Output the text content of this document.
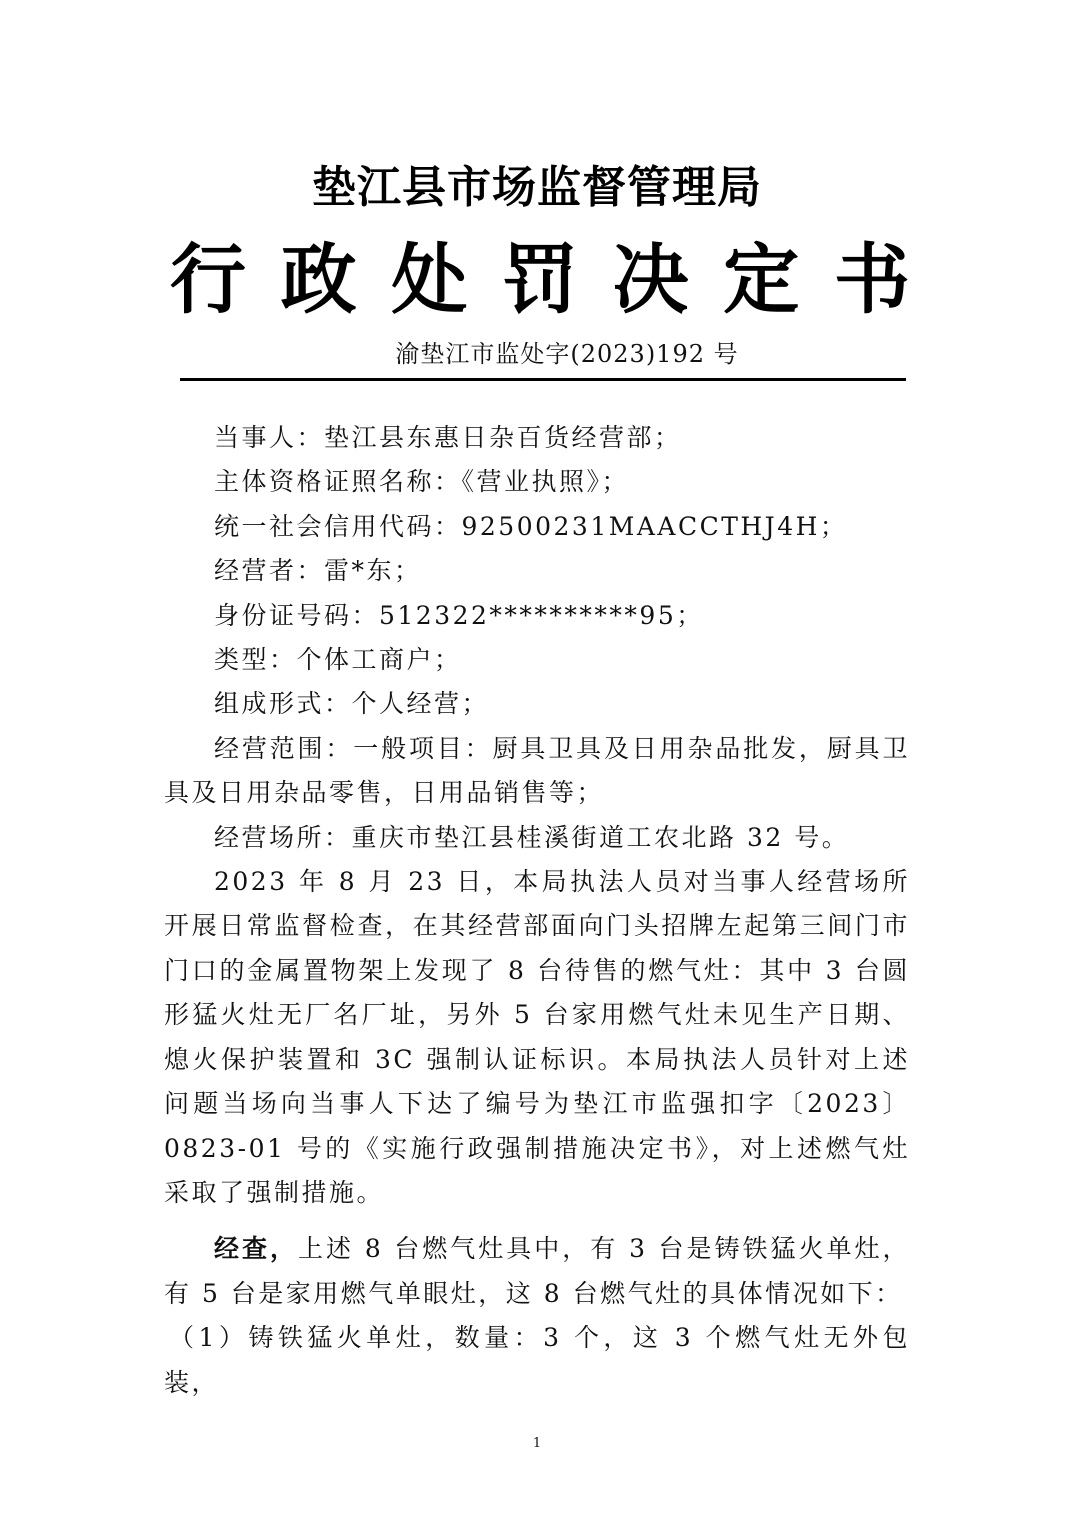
垫江县市场监督管理局
行 政 处 罚 决 定 书
渝垫江市监处字(2023)192 号

当事人：垫江县东惠日杂百货经营部；

主体资格证照名称：《营业执照》；

统一社会信用代码：92500231MAACCTHJ4H；

经营者：雷*东；

身份证号码：512322**********95；

类型：个体工商户；

组成形式：个人经营；

经营范围：一般项目：厨具卫具及日用杂品批发，厨具卫具及日用杂品零售，日用品销售等；

经营场所：重庆市垫江县桂溪街道工农北路 32 号。

2023 年 8 月 23 日，本局执法人员对当事人经营场所开展日常监督检查，在其经营部面向门头招牌左起第三间门市门口的金属置物架上发现了 8 台待售的燃气灶：其中 3 台圆形猛火灶无厂名厂址，另外 5 台家用燃气灶未见生产日期、熄火保护装置和 3C 强制认证标识。本局执法人员针对上述问题当场向当事人下达了编号为垫江市监强扣字〔2023〕0823-01 号的《实施行政强制措施决定书》，对上述燃气灶采取了强制措施。

经查，上述 8 台燃气灶具中，有 3 台是铸铁猛火单灶，有 5 台是家用燃气单眼灶，这 8 台燃气灶的具体情况如下：

（1）铸铁猛火单灶，数量：3 个，这 3 个燃气灶无外包装，

1
